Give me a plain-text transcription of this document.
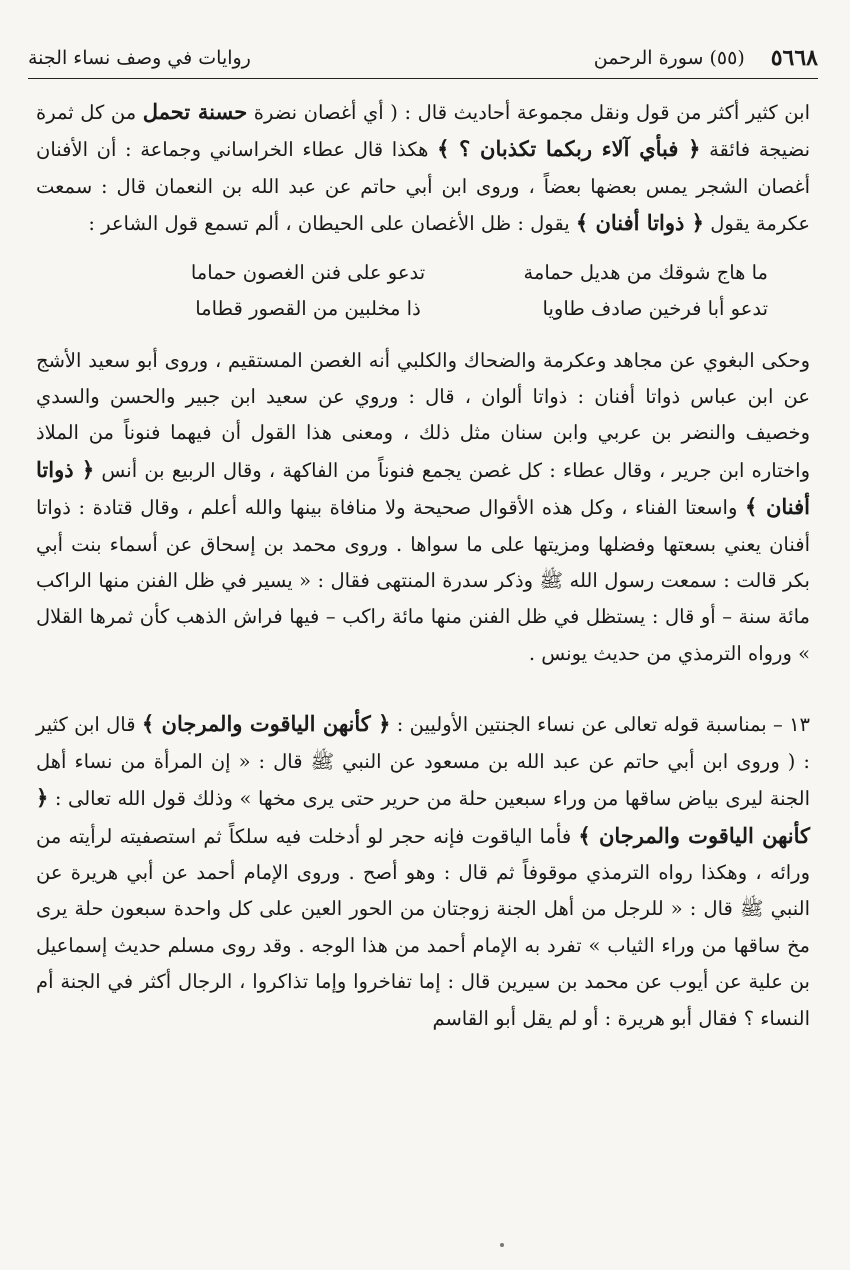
٥٦٦٨
(٥٥) سورة الرحمن
روايات في وصف نساء الجنة

ابن كثير أكثر من قول ونقل مجموعة أحاديث قال : ( أي أغصان نضرة حسنة تحمل من كل ثمرة نضيجة فائقة ﴿ فبأي آلاء ربكما تكذبان ؟ ﴾ هكذا قال عطاء الخراساني وجماعة : أن الأفنان أغصان الشجر يمس بعضها بعضاً ، وروى ابن أبي حاتم عن عبد الله بن النعمان قال : سمعت عكرمة يقول ﴿ ذواتا أفنان ﴾ يقول : ظل الأغصان على الحيطان ، ألم تسمع قول الشاعر :

ما هاج شوقك من هديل حمامة
تدعو على فنن الغصون حماما
تدعو أبا فرخين صادف طاويا
ذا مخلبين من القصور قطاما

وحكى البغوي عن مجاهد وعكرمة والضحاك والكلبي أنه الغصن المستقيم ، وروى أبو سعيد الأشج عن ابن عباس ذواتا أفنان : ذواتا ألوان ، قال : وروي عن سعيد ابن جبير والحسن والسدي وخصيف والنضر بن عربي وابن سنان مثل ذلك ، ومعنى هذا القول أن فيهما فنوناً من الملاذ واختاره ابن جرير ، وقال عطاء : كل غصن يجمع فنوناً من الفاكهة ، وقال الربيع بن أنس ﴿ ذواتا أفنان ﴾ واسعتا الفناء ، وكل هذه الأقوال صحيحة ولا منافاة بينها والله أعلم ، وقال قتادة : ذواتا أفنان يعني بسعتها وفضلها ومزيتها على ما سواها . وروى محمد بن إسحاق عن أسماء بنت أبي بكر قالت : سمعت رسول الله ﷺ وذكر سدرة المنتهى فقال : « يسير في ظل الفنن منها الراكب مائة سنة – أو قال : يستظل في ظل الفنن منها مائة راكب – فيها فراش الذهب كأن ثمرها القلال » ورواه الترمذي من حديث يونس .

١٣ – بمناسبة قوله تعالى عن نساء الجنتين الأوليين : ﴿ كأنهن الياقوت والمرجان ﴾ قال ابن كثير : ( وروى ابن أبي حاتم عن عبد الله بن مسعود عن النبي ﷺ قال : « إن المرأة من نساء أهل الجنة ليرى بياض ساقها من وراء سبعين حلة من حرير حتى يرى مخها » وذلك قول الله تعالى : ﴿ كأنهن الياقوت والمرجان ﴾ فأما الياقوت فإنه حجر لو أدخلت فيه سلكاً ثم استصفيته لرأيته من ورائه ، وهكذا رواه الترمذي موقوفاً ثم قال : وهو أصح . وروى الإمام أحمد عن أبي هريرة عن النبي ﷺ قال : « للرجل من أهل الجنة زوجتان من الحور العين على كل واحدة سبعون حلة يرى مخ ساقها من وراء الثياب » تفرد به الإمام أحمد من هذا الوجه . وقد روى مسلم حديث إسماعيل بن علية عن أيوب عن محمد بن سيرين قال : إما تفاخروا وإما تذاكروا ، الرجال أكثر في الجنة أم النساء ؟ فقال أبو هريرة : أو لم يقل أبو القاسم
